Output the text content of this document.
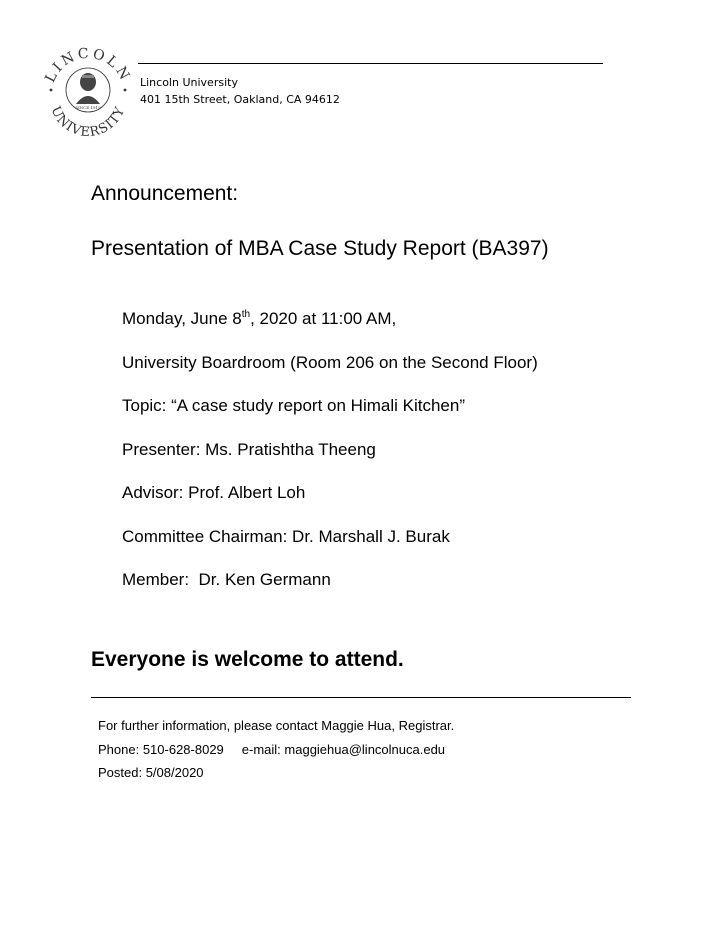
LINCOLN
UNIVERSITY
SINCE 1919
Lincoln University
401 15th Street, Oakland, CA 94612
Announcement:
Presentation of MBA Case Study Report (BA397)
Monday, June 8th, 2020 at 11:00 AM,
University Boardroom (Room 206 on the Second Floor)
Topic: “A case study report on Himali Kitchen”
Presenter: Ms. Pratishtha Theeng
Advisor: Prof. Albert Loh
Committee Chairman: Dr. Marshall J. Burak
Member:  Dr. Ken Germann
Everyone is welcome to attend.
For further information, please contact Maggie Hua, Registrar.
Phone: 510-628-8029 e-mail: maggiehua@lincolnuca.edu
Posted: 5/08/2020
